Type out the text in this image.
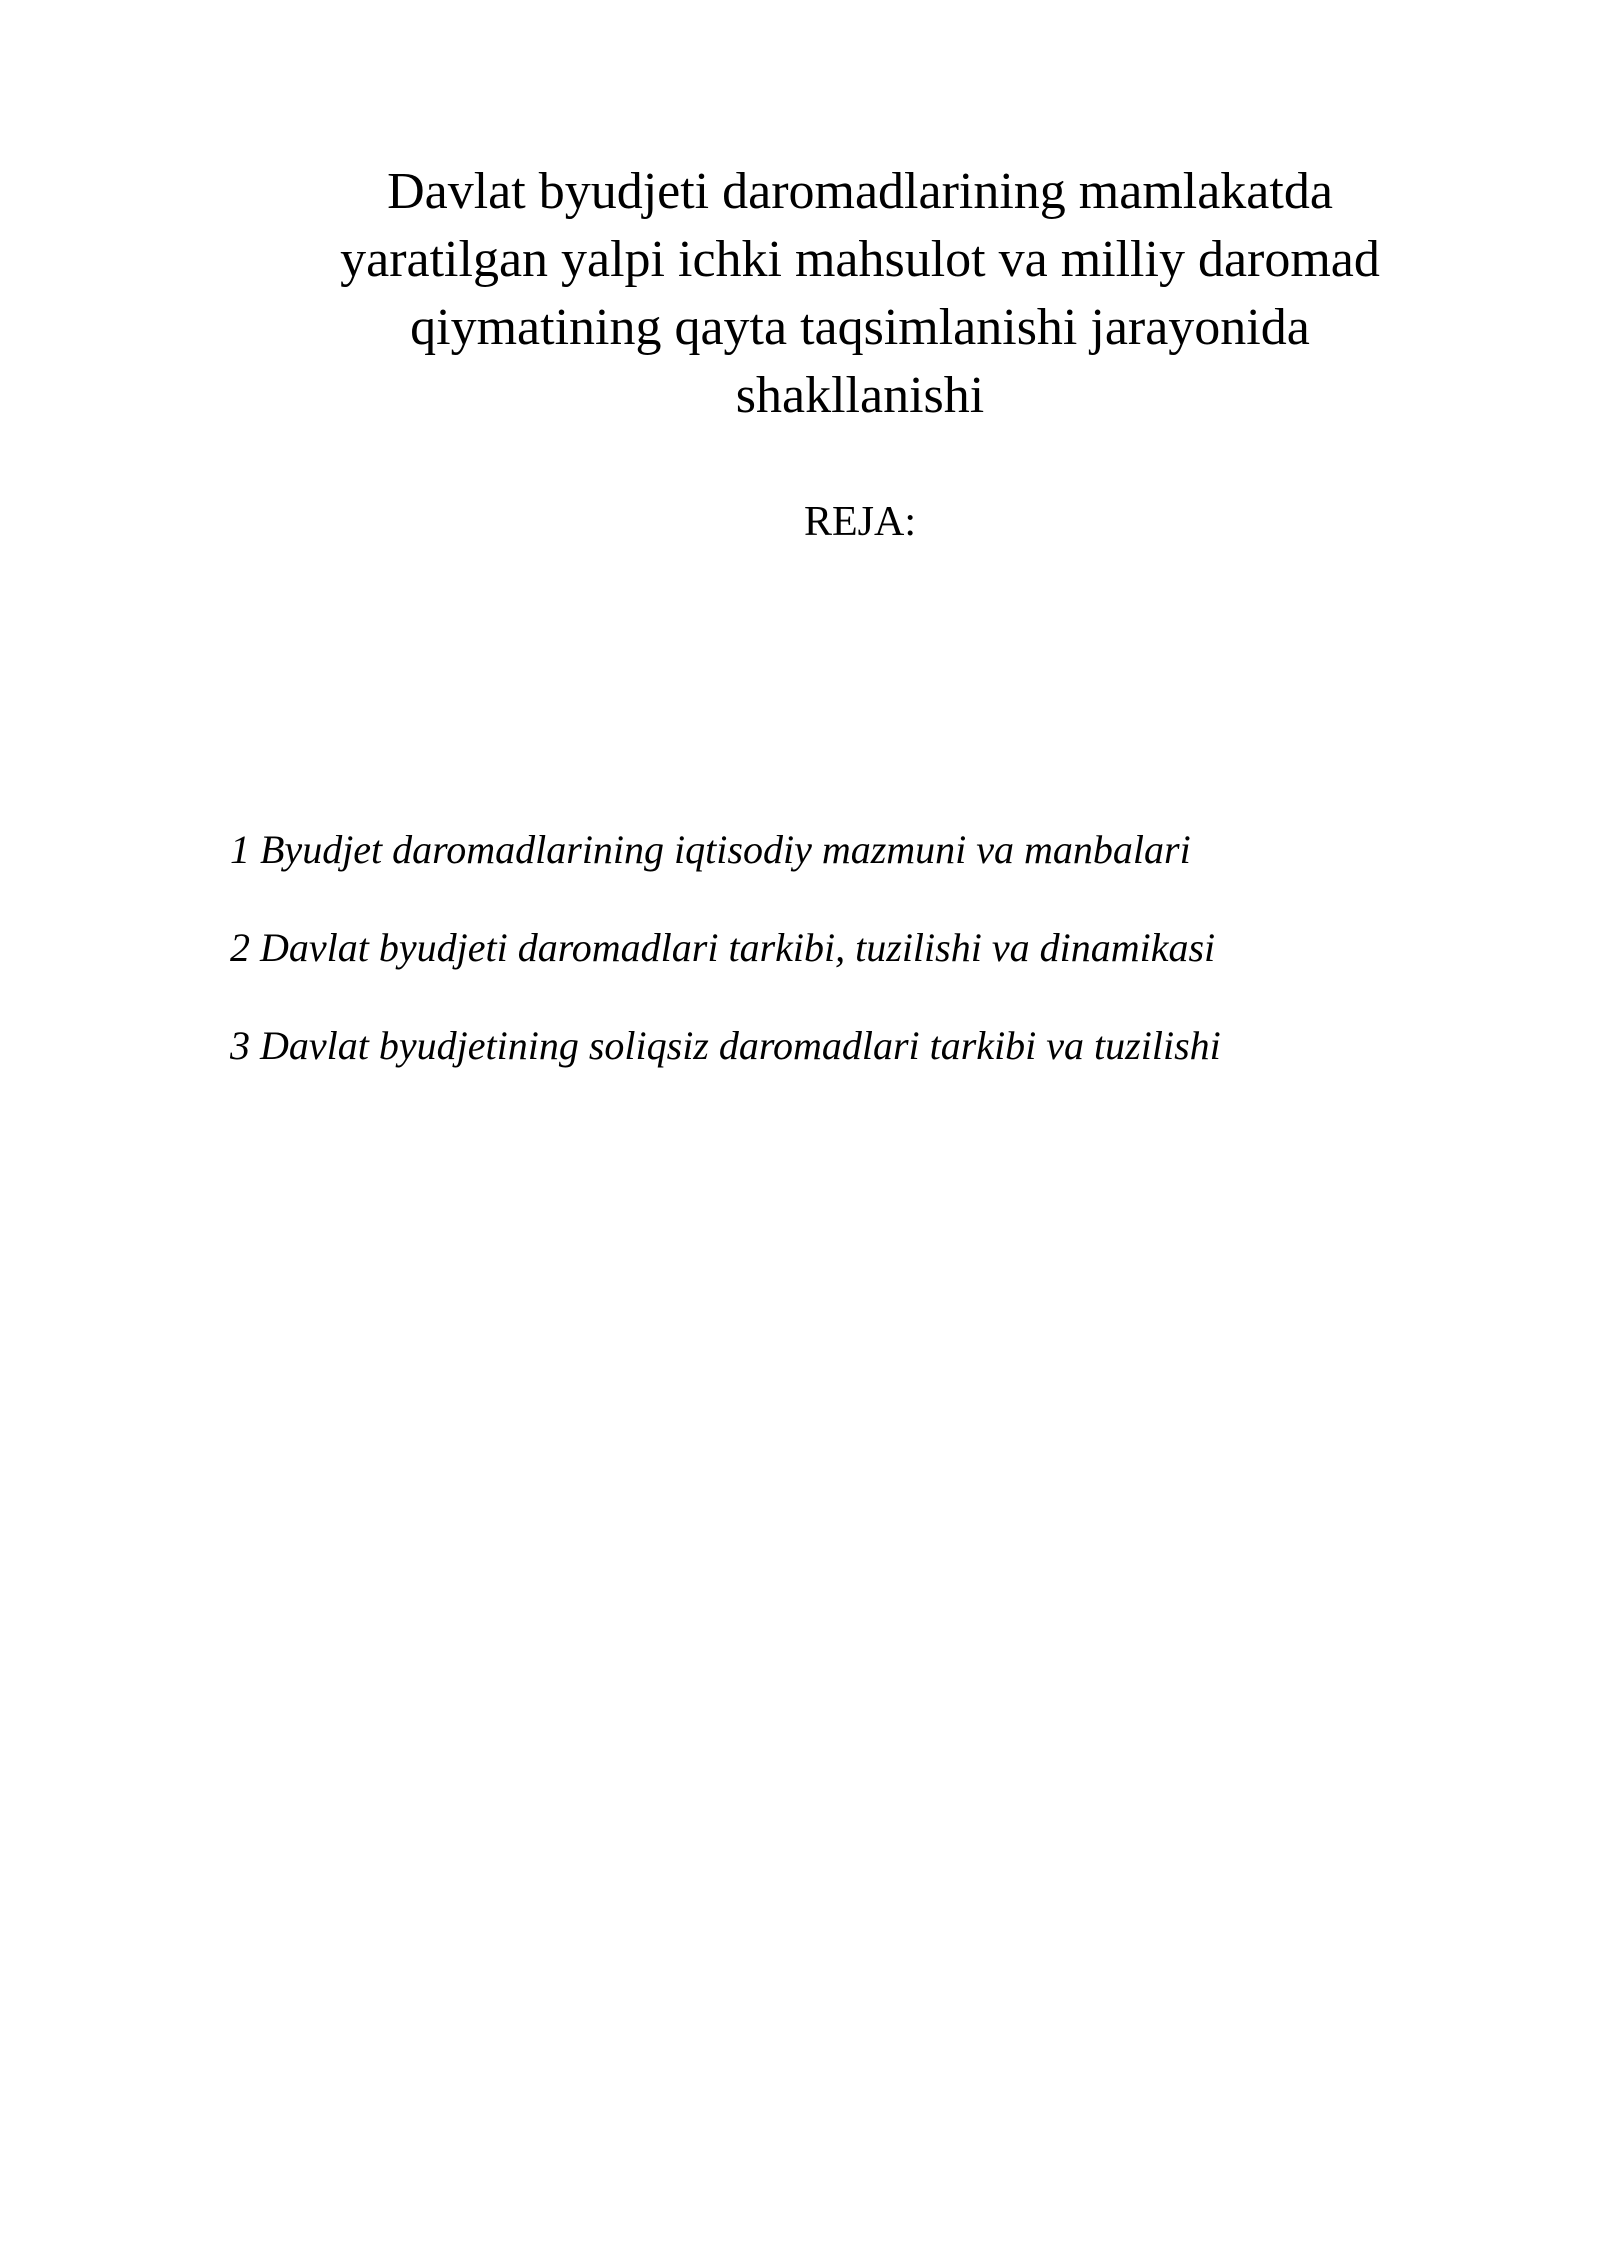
Davlat byudjeti daromadlarining mamlakatda
yaratilgan yalpi ichki mahsulot va milliy daromad
qiymatining qayta taqsimlanishi jarayonida
shakllanishi
REJA:
1 Byudjet daromadlarining iqtisodiy mazmuni va manbalari
2 Davlat byudjeti daromadlari tarkibi, tuzilishi va dinamikasi
3 Davlat byudjetining soliqsiz daromadlari tarkibi va tuzilishi
